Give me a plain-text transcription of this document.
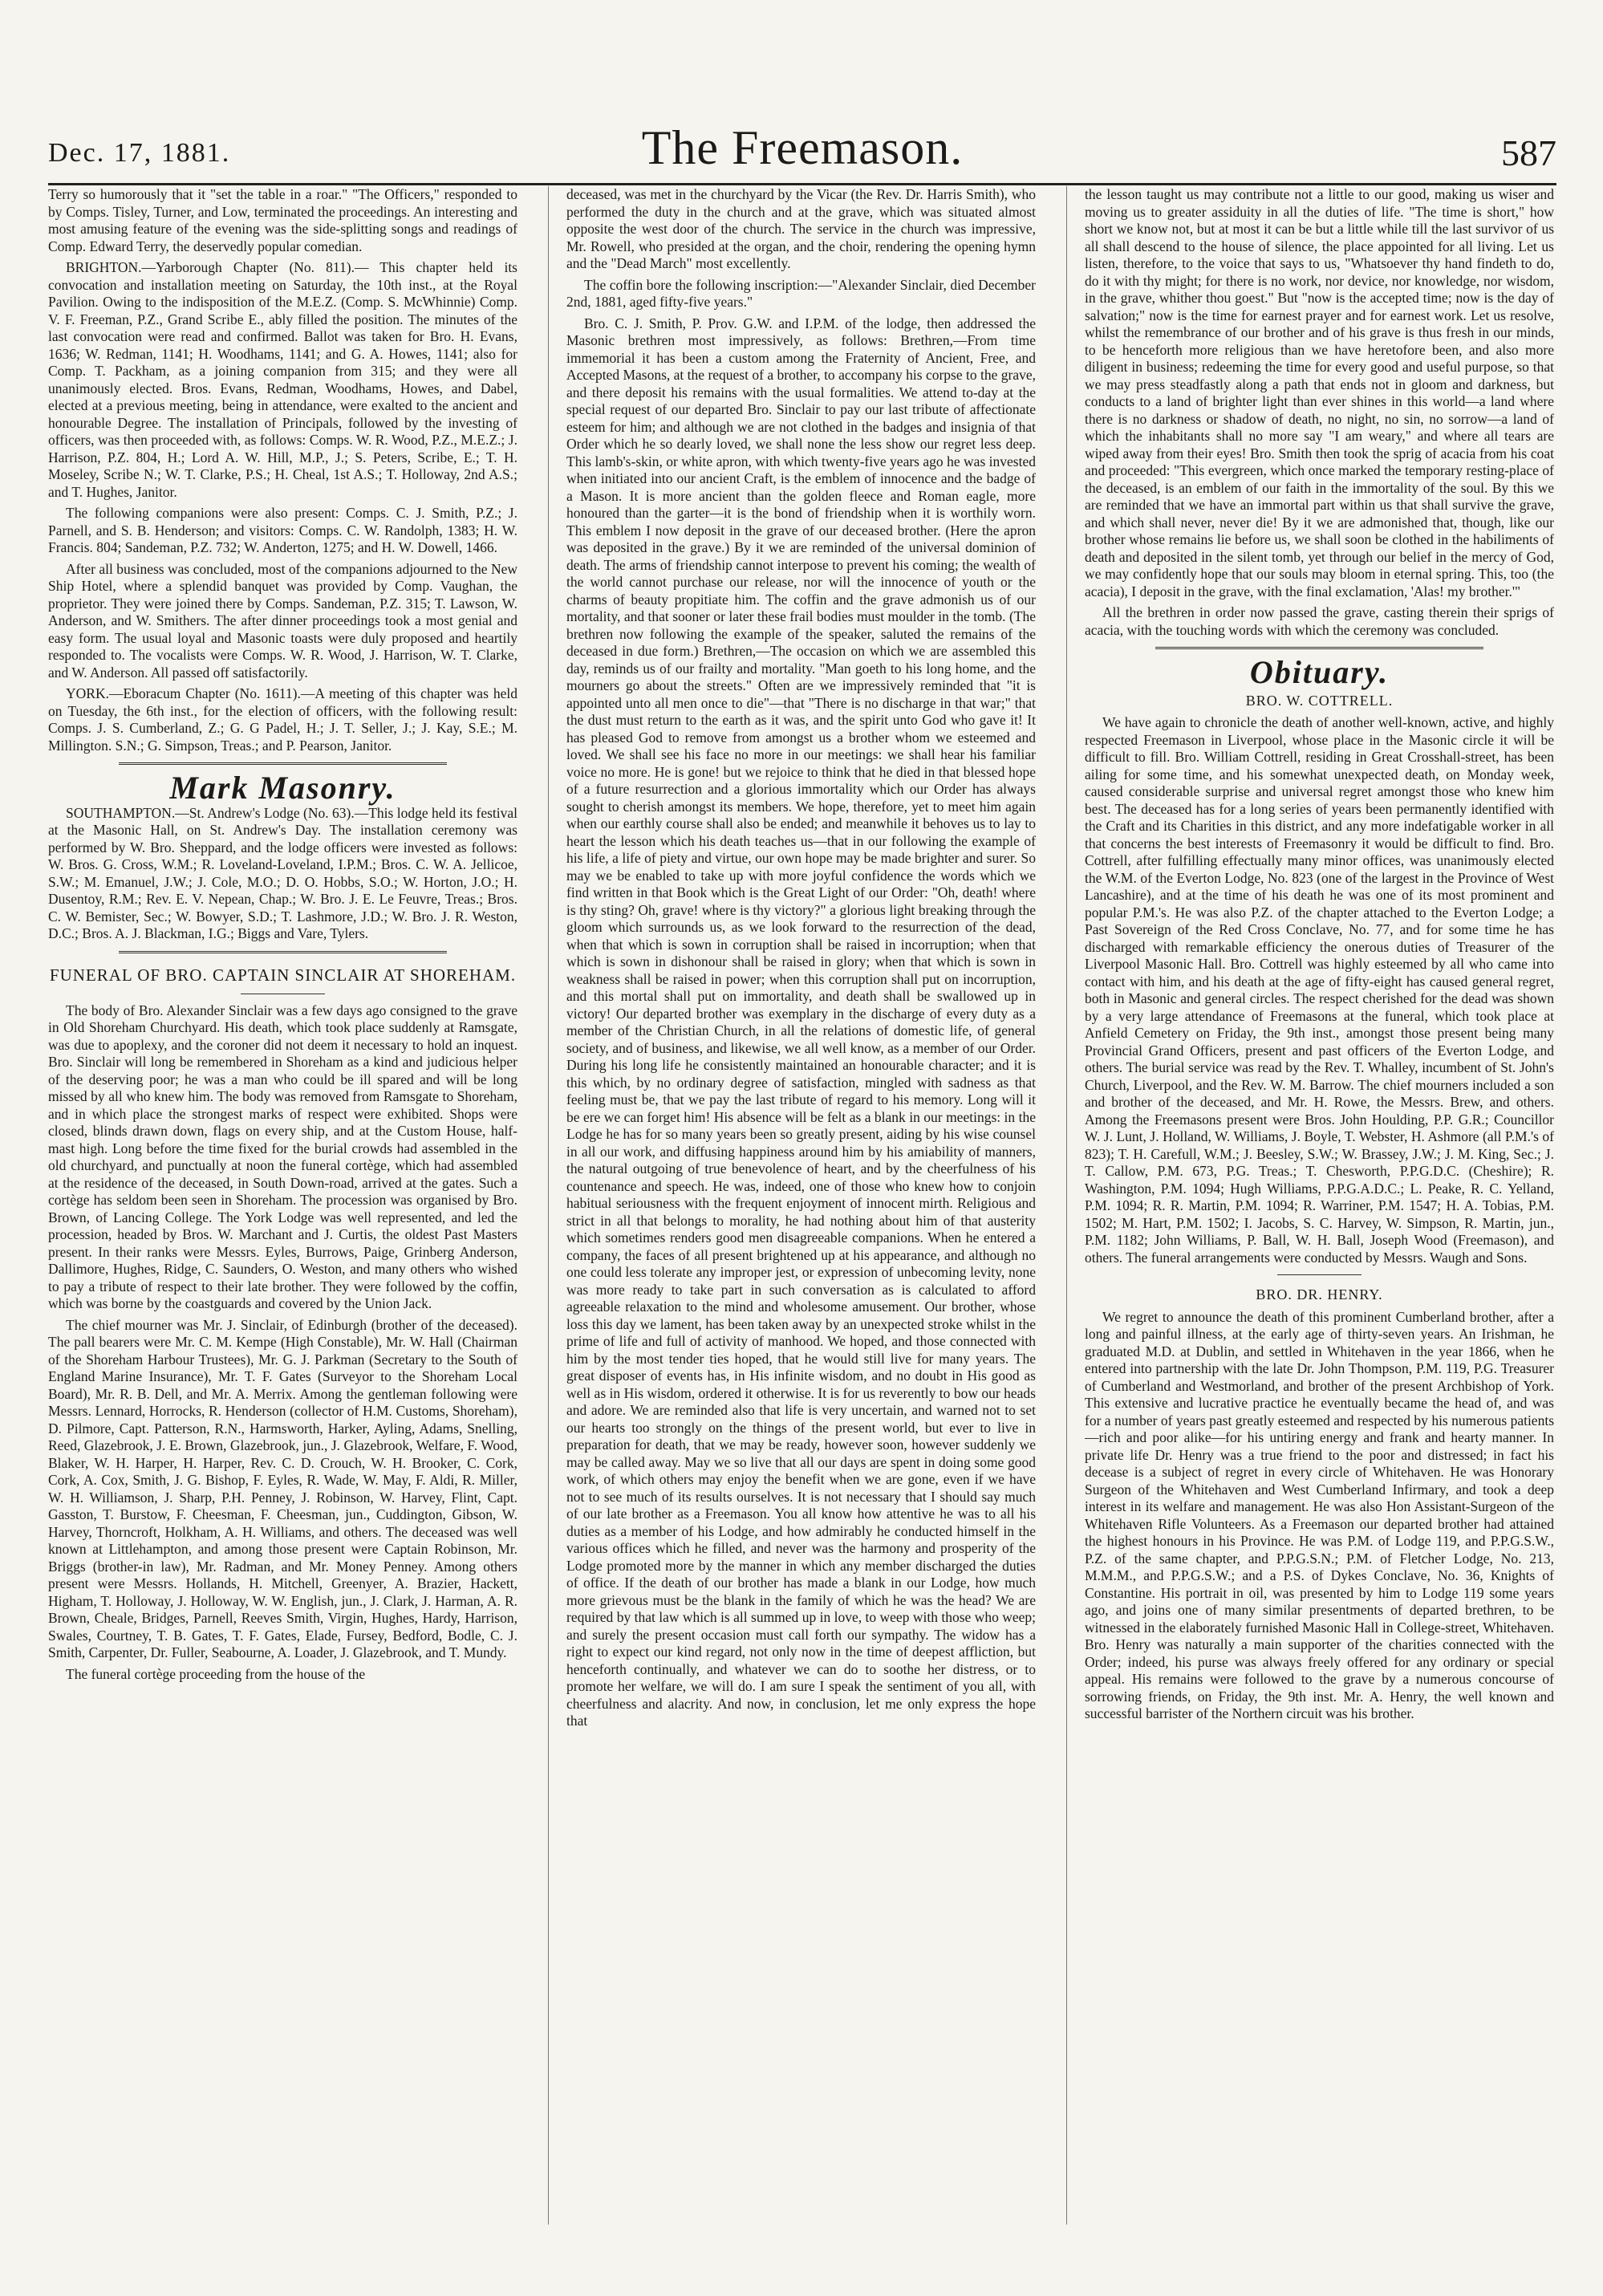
Dec. 17, 1881.	The Freemason.	587

Terry so humorously that it "set the table in a roar." "The Officers," responded to by Comps. Tisley, Turner, and Low, terminated the proceedings. An interesting and most amusing feature of the evening was the side-splitting songs and readings of Comp. Edward Terry, the deservedly popular comedian.

BRIGHTON.—Yarborough Chapter (No. 811).— This chapter held its convocation and installation meeting on Saturday, the 10th inst., at the Royal Pavilion. Owing to the indisposition of the M.E.Z. (Comp. S. McWhinnie) Comp. V. F. Freeman, P.Z., Grand Scribe E., ably filled the position. The minutes of the last convocation were read and confirmed. Ballot was taken for Bro. H. Evans, 1636; W. Redman, 1141; H. Woodhams, 1141; and G. A. Howes, 1141; also for Comp. T. Packham, as a joining companion from 315; and they were all unanimously elected. Bros. Evans, Redman, Woodhams, Howes, and Dabel, elected at a previous meeting, being in attendance, were exalted to the ancient and honourable Degree. The installation of Principals, followed by the investing of officers, was then proceeded with, as follows: Comps. W. R. Wood, P.Z., M.E.Z.; J. Harrison, P.Z. 804, H.; Lord A. W. Hill, M.P., J.; S. Peters, Scribe, E.; T. H. Moseley, Scribe N.; W. T. Clarke, P.S.; H. Cheal, 1st A.S.; T. Holloway, 2nd A.S.; and T. Hughes, Janitor.

The following companions were also present: Comps. C. J. Smith, P.Z.; J. Parnell, and S. B. Henderson; and visitors: Comps. C. W. Randolph, 1383; H. W. Francis. 804; Sandeman, P.Z. 732; W. Anderton, 1275; and H. W. Dowell, 1466.

After all business was concluded, most of the companions adjourned to the New Ship Hotel, where a splendid banquet was provided by Comp. Vaughan, the proprietor. They were joined there by Comps. Sandeman, P.Z. 315; T. Lawson, W. Anderson, and W. Smithers. The after dinner proceedings took a most genial and easy form. The usual loyal and Masonic toasts were duly proposed and heartily responded to. The vocalists were Comps. W. R. Wood, J. Harrison, W. T. Clarke, and W. Anderson. All passed off satisfactorily.

YORK.—Eboracum Chapter (No. 1611).—A meeting of this chapter was held on Tuesday, the 6th inst., for the election of officers, with the following result: Comps. J. S. Cumberland, Z.; G. G Padel, H.; J. T. Seller, J.; J. Kay, S.E.; M. Millington. S.N.; G. Simpson, Treas.; and P. Pearson, Janitor.

Mark Masonry.

SOUTHAMPTON.—St. Andrew's Lodge (No. 63).—This lodge held its festival at the Masonic Hall, on St. Andrew's Day. The installation ceremony was performed by W. Bro. Sheppard, and the lodge officers were invested as follows: W. Bros. G. Cross, W.M.; R. Loveland-Loveland, I.P.M.; Bros. C. W. A. Jellicoe, S.W.; M. Emanuel, J.W.; J. Cole, M.O.; D. O. Hobbs, S.O.; W. Horton, J.O.; H. Dusentoy, R.M.; Rev. E. V. Nepean, Chap.; W. Bro. J. E. Le Feuvre, Treas.; Bros. C. W. Bemister, Sec.; W. Bowyer, S.D.; T. Lashmore, J.D.; W. Bro. J. R. Weston, D.C.; Bros. A. J. Blackman, I.G.; Biggs and Vare, Tylers.

FUNERAL OF BRO. CAPTAIN SINCLAIR AT SHOREHAM.

The body of Bro. Alexander Sinclair was a few days ago consigned to the grave in Old Shoreham Churchyard. His death, which took place suddenly at Ramsgate, was due to apoplexy, and the coroner did not deem it necessary to hold an inquest. Bro. Sinclair will long be remembered in Shoreham as a kind and judicious helper of the deserving poor; he was a man who could be ill spared and will be long missed by all who knew him. The body was removed from Ramsgate to Shoreham, and in which place the strongest marks of respect were exhibited. Shops were closed, blinds drawn down, flags on every ship, and at the Custom House, half-mast high. Long before the time fixed for the burial crowds had assembled in the old churchyard, and punctually at noon the funeral cortège, which had assembled at the residence of the deceased, in South Down-road, arrived at the gates. Such a cortège has seldom been seen in Shoreham. The procession was organised by Bro. Brown, of Lancing College. The York Lodge was well represented, and led the procession, headed by Bros. W. Marchant and J. Curtis, the oldest Past Masters present. In their ranks were Messrs. Eyles, Burrows, Paige, Grinberg Anderson, Dallimore, Hughes, Ridge, C. Saunders, O. Weston, and many others who wished to pay a tribute of respect to their late brother. They were followed by the coffin, which was borne by the coastguards and covered by the Union Jack.

The chief mourner was Mr. J. Sinclair, of Edinburgh (brother of the deceased). The pall bearers were Mr. C. M. Kempe (High Constable), Mr. W. Hall (Chairman of the Shoreham Harbour Trustees), Mr. G. J. Parkman (Secretary to the South of England Marine Insurance), Mr. T. F. Gates (Surveyor to the Shoreham Local Board), Mr. R. B. Dell, and Mr. A. Merrix. Among the gentleman following were Messrs. Lennard, Horrocks, R. Henderson (collector of H.M. Customs, Shoreham), D. Pilmore, Capt. Patterson, R.N., Harmsworth, Harker, Ayling, Adams, Snelling, Reed, Glazebrook, J. E. Brown, Glazebrook, jun., J. Glazebrook, Welfare, F. Wood, Blaker, W. H. Harper, H. Harper, Rev. C. D. Crouch, W. H. Brooker, C. Cork, Cork, A. Cox, Smith, J. G. Bishop, F. Eyles, R. Wade, W. May, F. Aldi, R. Miller, W. H. Williamson, J. Sharp, P.H. Penney, J. Robinson, W. Harvey, Flint, Capt. Gasston, T. Burstow, F. Cheesman, F. Cheesman, jun., Cuddington, Gibson, W. Harvey, Thorncroft, Holkham, A. H. Williams, and others. The deceased was well known at Littlehampton, and among those present were Captain Robinson, Mr. Briggs (brother-in law), Mr. Radman, and Mr. Money Penney. Among others present were Messrs. Hollands, H. Mitchell, Greenyer, A. Brazier, Hackett, Higham, T. Holloway, J. Holloway, W. W. English, jun., J. Clark, J. Harman, A. R. Brown, Cheale, Bridges, Parnell, Reeves Smith, Virgin, Hughes, Hardy, Harrison, Swales, Courtney, T. B. Gates, T. F. Gates, Elade, Fursey, Bedford, Bodle, C. J. Smith, Carpenter, Dr. Fuller, Seabourne, A. Loader, J. Glazebrook, and T. Mundy.

The funeral cortège proceeding from the house of the

deceased, was met in the churchyard by the Vicar (the Rev. Dr. Harris Smith), who performed the duty in the church and at the grave, which was situated almost opposite the west door of the church. The service in the church was impressive, Mr. Rowell, who presided at the organ, and the choir, rendering the opening hymn and the "Dead March" most excellently.

The coffin bore the following inscription:—"Alexander Sinclair, died December 2nd, 1881, aged fifty-five years."

Bro. C. J. Smith, P. Prov. G.W. and I.P.M. of the lodge, then addressed the Masonic brethren most impressively, as follows: Brethren,—From time immemorial it has been a custom among the Fraternity of Ancient, Free, and Accepted Masons, at the request of a brother, to accompany his corpse to the grave, and there deposit his remains with the usual formalities. We attend to-day at the special request of our departed Bro. Sinclair to pay our last tribute of affectionate esteem for him; and although we are not clothed in the badges and insignia of that Order which he so dearly loved, we shall none the less show our regret less deep. This lamb's-skin, or white apron, with which twenty-five years ago he was invested when initiated into our ancient Craft, is the emblem of innocence and the badge of a Mason. It is more ancient than the golden fleece and Roman eagle, more honoured than the garter—it is the bond of friendship when it is worthily worn. This emblem I now deposit in the grave of our deceased brother. (Here the apron was deposited in the grave.) By it we are reminded of the universal dominion of death. The arms of friendship cannot interpose to prevent his coming; the wealth of the world cannot purchase our release, nor will the innocence of youth or the charms of beauty propitiate him. The coffin and the grave admonish us of our mortality, and that sooner or later these frail bodies must moulder in the tomb. (The brethren now following the example of the speaker, saluted the remains of the deceased in due form.) Brethren,—The occasion on which we are assembled this day, reminds us of our frailty and mortality. "Man goeth to his long home, and the mourners go about the streets." Often are we impressively reminded that "it is appointed unto all men once to die"—that "There is no discharge in that war;" that the dust must return to the earth as it was, and the spirit unto God who gave it! It has pleased God to remove from amongst us a brother whom we esteemed and loved. We shall see his face no more in our meetings: we shall hear his familiar voice no more. He is gone! but we rejoice to think that he died in that blessed hope of a future resurrection and a glorious immortality which our Order has always sought to cherish amongst its members. We hope, therefore, yet to meet him again when our earthly course shall also be ended; and meanwhile it behoves us to lay to heart the lesson which his death teaches us—that in our following the example of his life, a life of piety and virtue, our own hope may be made brighter and surer. So may we be enabled to take up with more joyful confidence the words which we find written in that Book which is the Great Light of our Order: "Oh, death! where is thy sting? Oh, grave! where is thy victory?" a glorious light breaking through the gloom which surrounds us, as we look forward to the resurrection of the dead, when that which is sown in corruption shall be raised in incorruption; when that which is sown in dishonour shall be raised in glory; when that which is sown in weakness shall be raised in power; when this corruption shall put on incorruption, and this mortal shall put on immortality, and death shall be swallowed up in victory! Our departed brother was exemplary in the discharge of every duty as a member of the Christian Church, in all the relations of domestic life, of general society, and of business, and likewise, we all well know, as a member of our Order. During his long life he consistently maintained an honourable character; and it is this which, by no ordinary degree of satisfaction, mingled with sadness as that feeling must be, that we pay the last tribute of regard to his memory. Long will it be ere we can forget him! His absence will be felt as a blank in our meetings: in the Lodge he has for so many years been so greatly present, aiding by his wise counsel in all our work, and diffusing happiness around him by his amiability of manners, the natural outgoing of true benevolence of heart, and by the cheerfulness of his countenance and speech. He was, indeed, one of those who knew how to conjoin habitual seriousness with the frequent enjoyment of innocent mirth. Religious and strict in all that belongs to morality, he had nothing about him of that austerity which sometimes renders good men disagreeable companions. When he entered a company, the faces of all present brightened up at his appearance, and although no one could less tolerate any improper jest, or expression of unbecoming levity, none was more ready to take part in such conversation as is calculated to afford agreeable relaxation to the mind and wholesome amusement. Our brother, whose loss this day we lament, has been taken away by an unexpected stroke whilst in the prime of life and full of activity of manhood. We hoped, and those connected with him by the most tender ties hoped, that he would still live for many years. The great disposer of events has, in His infinite wisdom, and no doubt in His good as well as in His wisdom, ordered it otherwise. It is for us reverently to bow our heads and adore. We are reminded also that life is very uncertain, and warned not to set our hearts too strongly on the things of the present world, but ever to live in preparation for death, that we may be ready, however soon, however suddenly we may be called away. May we so live that all our days are spent in doing some good work, of which others may enjoy the benefit when we are gone, even if we have not to see much of its results ourselves. It is not necessary that I should say much of our late brother as a Freemason. You all know how attentive he was to all his duties as a member of his Lodge, and how admirably he conducted himself in the various offices which he filled, and never was the harmony and prosperity of the Lodge promoted more by the manner in which any member discharged the duties of office. If the death of our brother has made a blank in our Lodge, how much more grievous must be the blank in the family of which he was the head? We are required by that law which is all summed up in love, to weep with those who weep; and surely the present occasion must call forth our sympathy. The widow has a right to expect our kind regard, not only now in the time of deepest affliction, but henceforth continually, and whatever we can do to soothe her distress, or to promote her welfare, we will do. I am sure I speak the sentiment of you all, with cheerfulness and alacrity. And now, in conclusion, let me only express the hope that

the lesson taught us may contribute not a little to our good, making us wiser and moving us to greater assiduity in all the duties of life. "The time is short," how short we know not, but at most it can be but a little while till the last survivor of us all shall descend to the house of silence, the place appointed for all living. Let us listen, therefore, to the voice that says to us, "Whatsoever thy hand findeth to do, do it with thy might; for there is no work, nor device, nor knowledge, nor wisdom, in the grave, whither thou goest." But "now is the accepted time; now is the day of salvation;" now is the time for earnest prayer and for earnest work. Let us resolve, whilst the remembrance of our brother and of his grave is thus fresh in our minds, to be henceforth more religious than we have heretofore been, and also more diligent in business; redeeming the time for every good and useful purpose, so that we may press steadfastly along a path that ends not in gloom and darkness, but conducts to a land of brighter light than ever shines in this world—a land where there is no darkness or shadow of death, no night, no sin, no sorrow—a land of which the inhabitants shall no more say "I am weary," and where all tears are wiped away from their eyes! Bro. Smith then took the sprig of acacia from his coat and proceeded: "This evergreen, which once marked the temporary resting-place of the deceased, is an emblem of our faith in the immortality of the soul. By this we are reminded that we have an immortal part within us that shall survive the grave, and which shall never, never die! By it we are admonished that, though, like our brother whose remains lie before us, we shall soon be clothed in the habiliments of death and deposited in the silent tomb, yet through our belief in the mercy of God, we may confidently hope that our souls may bloom in eternal spring. This, too (the acacia), I deposit in the grave, with the final exclamation, 'Alas! my brother.'"

All the brethren in order now passed the grave, casting therein their sprigs of acacia, with the touching words with which the ceremony was concluded.

Obituary.
BRO. W. COTTRELL.

We have again to chronicle the death of another well-known, active, and highly respected Freemason in Liverpool, whose place in the Masonic circle it will be difficult to fill. Bro. William Cottrell, residing in Great Crosshall-street, has been ailing for some time, and his somewhat unexpected death, on Monday week, caused considerable surprise and universal regret amongst those who knew him best. The deceased has for a long series of years been permanently identified with the Craft and its Charities in this district, and any more indefatigable worker in all that concerns the best interests of Freemasonry it would be difficult to find. Bro. Cottrell, after fulfilling effectually many minor offices, was unanimously elected the W.M. of the Everton Lodge, No. 823 (one of the largest in the Province of West Lancashire), and at the time of his death he was one of its most prominent and popular P.M.'s. He was also P.Z. of the chapter attached to the Everton Lodge; a Past Sovereign of the Red Cross Conclave, No. 77, and for some time he has discharged with remarkable efficiency the onerous duties of Treasurer of the Liverpool Masonic Hall. Bro. Cottrell was highly esteemed by all who came into contact with him, and his death at the age of fifty-eight has caused general regret, both in Masonic and general circles. The respect cherished for the dead was shown by a very large attendance of Freemasons at the funeral, which took place at Anfield Cemetery on Friday, the 9th inst., amongst those present being many Provincial Grand Officers, present and past officers of the Everton Lodge, and others. The burial service was read by the Rev. T. Whalley, incumbent of St. John's Church, Liverpool, and the Rev. W. M. Barrow. The chief mourners included a son and brother of the deceased, and Mr. H. Rowe, the Messrs. Brew, and others. Among the Freemasons present were Bros. John Houlding, P.P. G.R.; Councillor W. J. Lunt, J. Holland, W. Williams, J. Boyle, T. Webster, H. Ashmore (all P.M.'s of 823); T. H. Carefull, W.M.; J. Beesley, S.W.; W. Brassey, J.W.; J. M. King, Sec.; J. T. Callow, P.M. 673, P.G. Treas.; T. Chesworth, P.P.G.D.C. (Cheshire); R. Washington, P.M. 1094; Hugh Williams, P.P.G.A.D.C.; L. Peake, R. C. Yelland, P.M. 1094; R. R. Martin, P.M. 1094; R. Warriner, P.M. 1547; H. A. Tobias, P.M. 1502; M. Hart, P.M. 1502; I. Jacobs, S. C. Harvey, W. Simpson, R. Martin, jun., P.M. 1182; John Williams, P. Ball, W. H. Ball, Joseph Wood (Freemason), and others. The funeral arrangements were conducted by Messrs. Waugh and Sons.

BRO. DR. HENRY.

We regret to announce the death of this prominent Cumberland brother, after a long and painful illness, at the early age of thirty-seven years. An Irishman, he graduated M.D. at Dublin, and settled in Whitehaven in the year 1866, when he entered into partnership with the late Dr. John Thompson, P.M. 119, P.G. Treasurer of Cumberland and Westmorland, and brother of the present Archbishop of York. This extensive and lucrative practice he eventually became the head of, and was for a number of years past greatly esteemed and respected by his numerous patients—rich and poor alike—for his untiring energy and frank and hearty manner. In private life Dr. Henry was a true friend to the poor and distressed; in fact his decease is a subject of regret in every circle of Whitehaven. He was Honorary Surgeon of the Whitehaven and West Cumberland Infirmary, and took a deep interest in its welfare and management. He was also Hon Assistant-Surgeon of the Whitehaven Rifle Volunteers. As a Freemason our departed brother had attained the highest honours in his Province. He was P.M. of Lodge 119, and P.P.G.S.W., P.Z. of the same chapter, and P.P.G.S.N.; P.M. of Fletcher Lodge, No. 213, M.M.M., and P.P.G.S.W.; and a P.S. of Dykes Conclave, No. 36, Knights of Constantine. His portrait in oil, was presented by him to Lodge 119 some years ago, and joins one of many similar presentments of departed brethren, to be witnessed in the elaborately furnished Masonic Hall in College-street, Whitehaven. Bro. Henry was naturally a main supporter of the charities connected with the Order; indeed, his purse was always freely offered for any ordinary or special appeal. His remains were followed to the grave by a numerous concourse of sorrowing friends, on Friday, the 9th inst. Mr. A. Henry, the well known and successful barrister of the Northern circuit was his brother.
